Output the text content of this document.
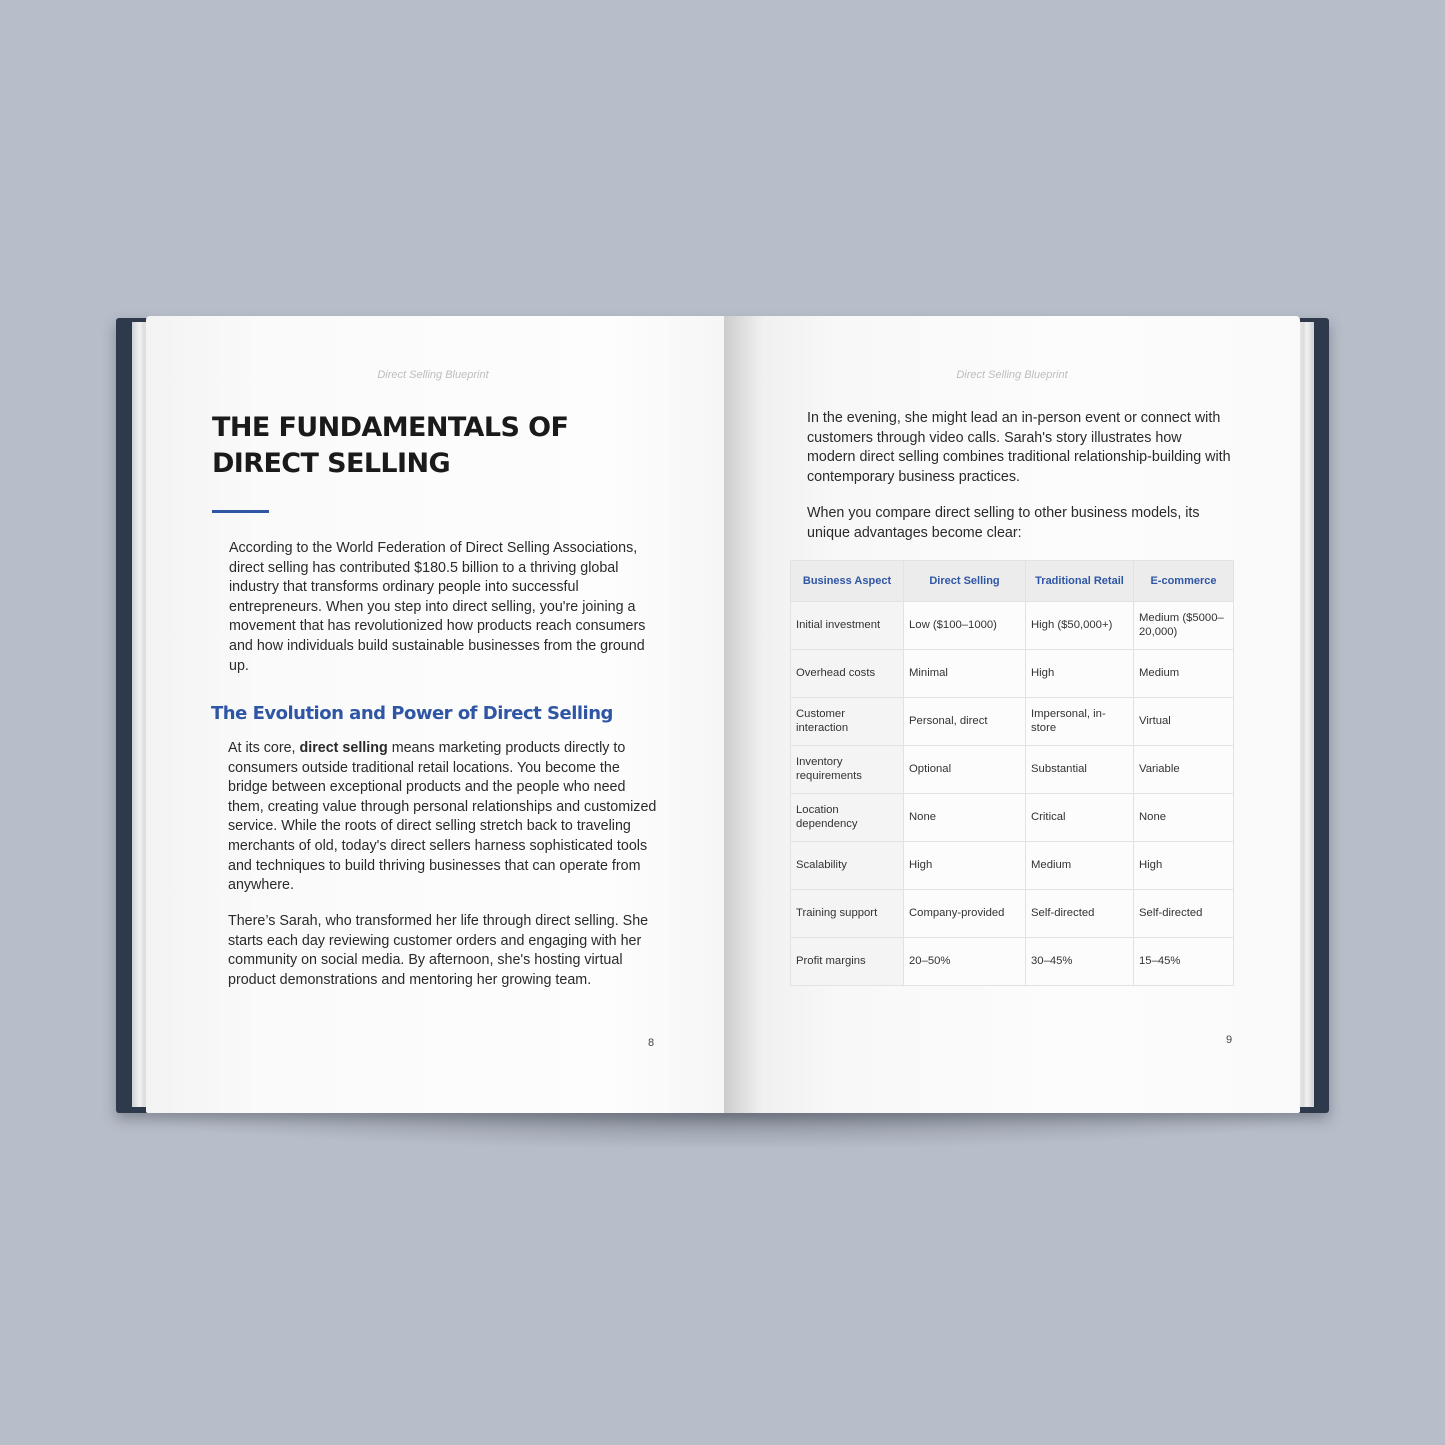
Direct Selling Blueprint
THE FUNDAMENTALS OF DIRECT SELLING

According to the World Federation of Direct Selling Associations, direct selling has contributed $180.5 billion to a thriving global industry that transforms ordinary people into successful entrepreneurs. When you step into direct selling, you're joining a movement that has revolutionized how products reach consumers and how individuals build sustainable businesses from the ground up.

The Evolution and Power of Direct Selling

At its core, direct selling means marketing products directly to consumers outside traditional retail locations. You become the bridge between exceptional products and the people who need them, creating value through personal relationships and customized service. While the roots of direct selling stretch back to traveling merchants of old, today's direct sellers harness sophisticated tools and techniques to build thriving businesses that can operate from anywhere.

There’s Sarah, who transformed her life through direct selling. She starts each day reviewing customer orders and engaging with her community on social media. By afternoon, she's hosting virtual product demonstrations and mentoring her growing team.

8
Direct Selling Blueprint

In the evening, she might lead an in-person event or connect with customers through video calls. Sarah's story illustrates how modern direct selling combines traditional relationship-building with contemporary business practices.

When you compare direct selling to other business models, its unique advantages become clear:

Business Aspect	Direct Selling	Traditional Retail	E-commerce
Initial investment	Low ($100–1000)	High ($50,000+)	Medium ($5000–20,000)
Overhead costs	Minimal	High	Medium
Customer interaction	Personal, direct	Impersonal, in-store	Virtual
Inventory requirements	Optional	Substantial	Variable
Location dependency	None	Critical	None
Scalability	High	Medium	High
Training support	Company-provided	Self-directed	Self-directed
Profit margins	20–50%	30–45%	15–45%
9
